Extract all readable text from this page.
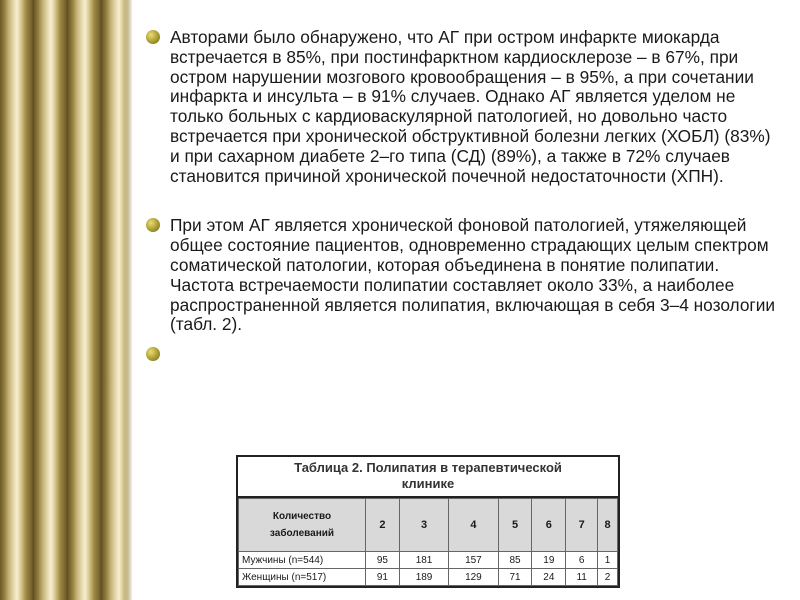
Авторами было обнаружено, что АГ при остром инфаркте миокарда встречается в 85%, при постинфарктном кардиосклерозе – в 67%, при остром нарушении мозгового кровообращения – в 95%, а при сочетании инфаркта и инсульта – в 91% случаев. Однако АГ является уделом не только больных с кардиоваскулярной патологией, но довольно часто встречается при хронической обструктивной болезни легких (ХОБЛ) (83%) и при сахарном диабете 2–го типа (СД) (89%), а также в 72% случаев становится причиной хронической почечной недостаточности (ХПН).
При этом АГ является хронической фоновой патологией, утяжеляющей общее состояние пациентов, одновременно страдающих целым спектром соматической патологии, которая объединена в понятие полипатии. Частота встречаемости полипатии составляет около 33%, а наиболее распространенной является полипатия, включающая в себя 3–4 нозологии (табл. 2).
Таблица 2. Полипатия в терапевтической
клинике
Количество
заболеваний	2	3	4	5	6	7	8
Мужчины (n=544)	95	181	157	85	19	6	1
Женщины (n=517)	91	189	129	71	24	11	2
